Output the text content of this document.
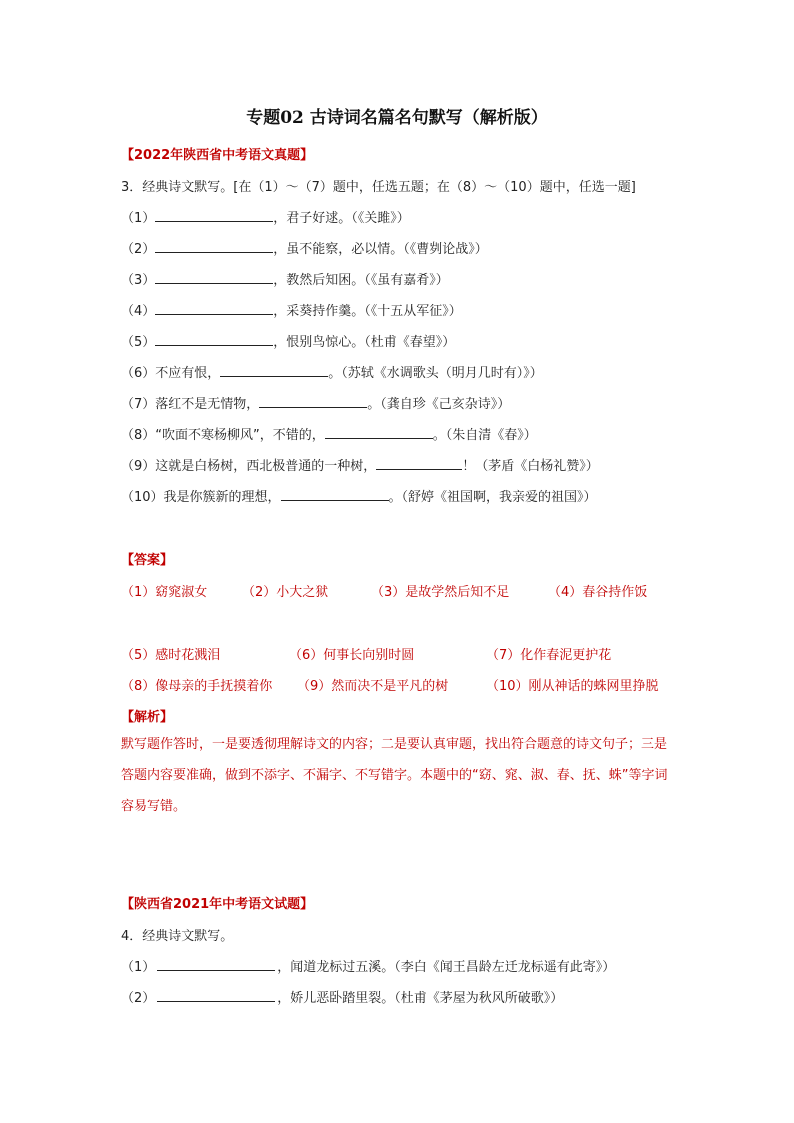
专题02 古诗词名篇名句默写（解析版）
【2022年陕西省中考语文真题】
3．经典诗文默写。[在（1）～（7）题中，任选五题；在（8）～（10）题中，任选一题]
（1）	，君子好逑。（《关雎》）
（2）	，虽不能察，必以情。（《曹刿论战》）
（3）	，教然后知困。（《虽有嘉肴》）
（4）	，采葵持作羹。（《十五从军征》）
（5）	，恨别鸟惊心。（杜甫《春望》）
（6）不应有恨，	。（苏轼《水调歌头（明月几时有）》）
（7）落红不是无情物，	。（龚自珍《己亥杂诗》）
（8）“吹面不寒杨柳风”，不错的，	。（朱自清《春》）
（9）这就是白杨树，西北极普通的一种树，	！（茅盾《白杨礼赞》）
（10）我是你簇新的理想，	。（舒婷《祖国啊，我亲爱的祖国》）
【答案】
（1）窈窕淑女	（2）小大之狱	（3）是故学然后知不足	（4）春谷持作饭
（5）感时花溅泪	（6）何事长向别时圆	（7）化作春泥更护花
（8）像母亲的手抚摸着你 （9）然而决不是平凡的树	（10）刚从神话的蛛网里挣脱
【解析】
默写题作答时，一是要透彻理解诗文的内容；二是要认真审题，找出符合题意的诗文句子；三是答题内容要准确，做到不添字、不漏字、不写错字。本题中的“窈、窕、淑、春、抚、蛛”等字词容易写错。
【陕西省2021年中考语文试题】
4．经典诗文默写。
（1）	，闻道龙标过五溪。（李白《闻王昌龄左迁龙标遥有此寄》）
（2）	，娇儿恶卧踏里裂。（杜甫《茅屋为秋风所破歌》）
